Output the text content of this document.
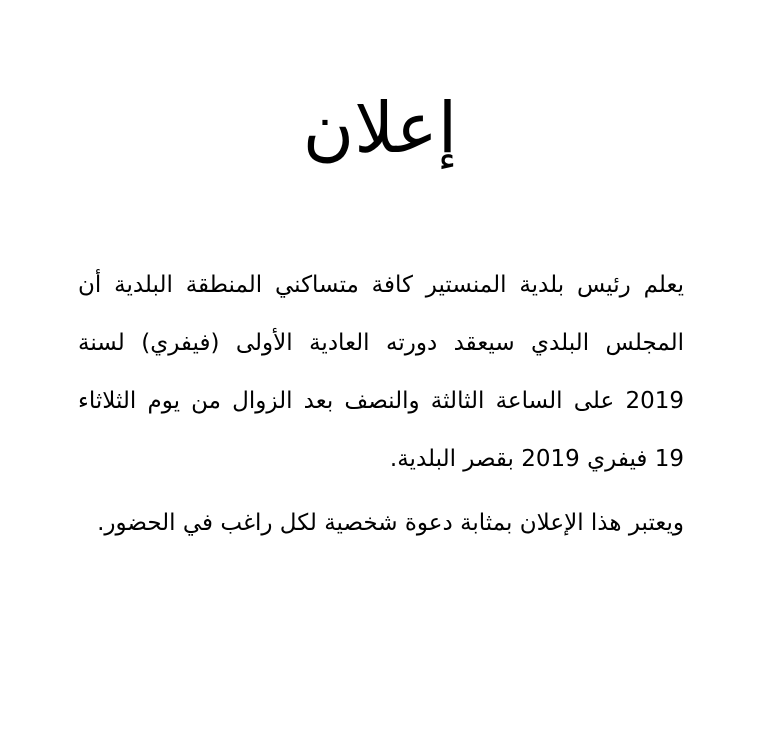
إعلان

يعلم رئيس بلدية المنستير كافة متساكني المنطقة البلدية أن المجلس البلدي سيعقد دورته العادية الأولى (فيفري) لسنة 2019 على الساعة الثالثة والنصف بعد الزوال من يوم الثلاثاء 19 فيفري 2019 بقصر البلدية.

ويعتبر هذا الإعلان بمثابة دعوة شخصية لكل راغب في الحضور.
